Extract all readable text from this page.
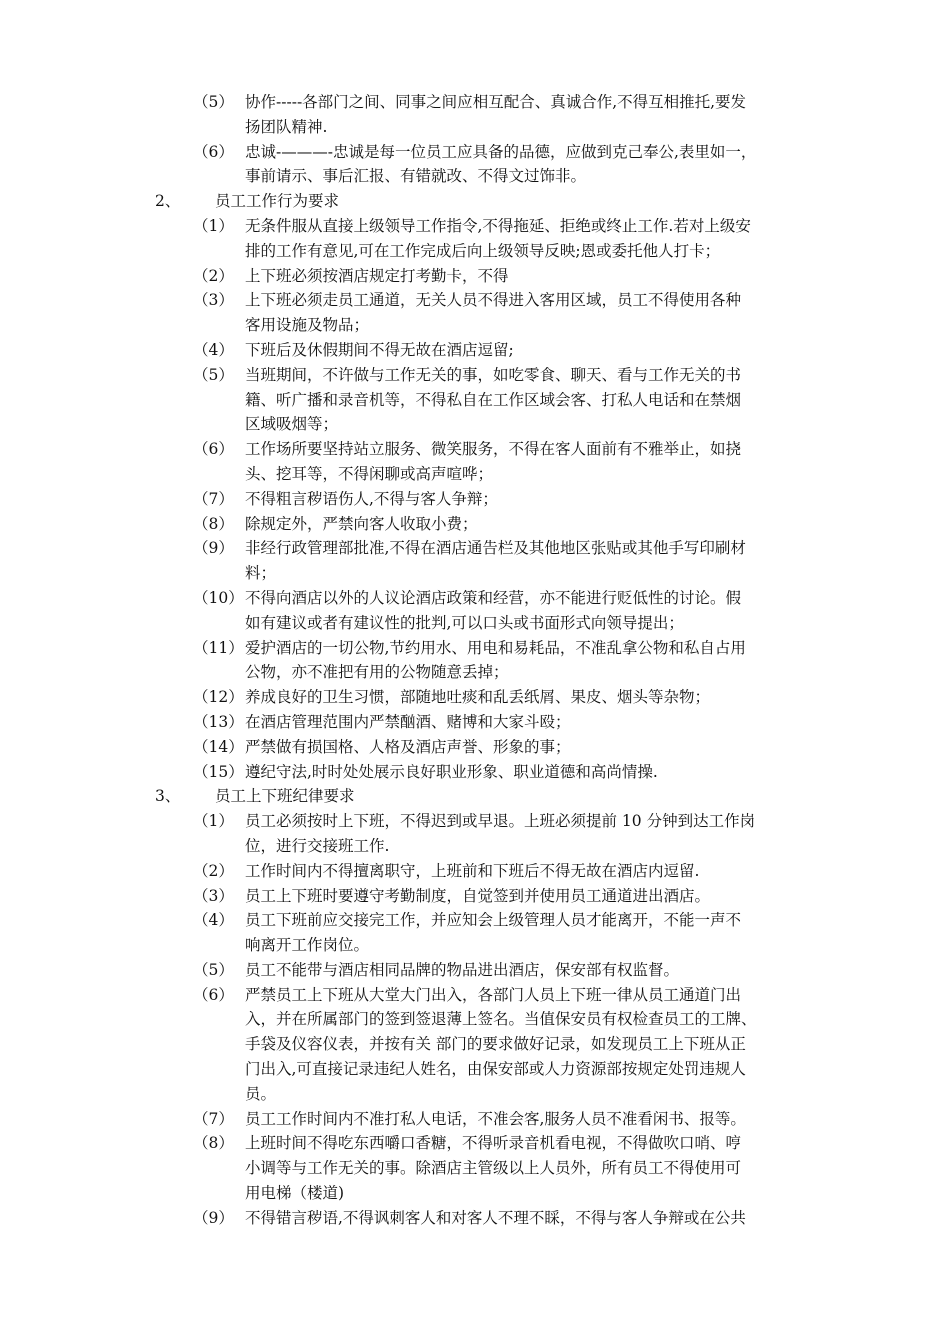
（5） 协作-----各部门之间、同事之间应相互配合、真诚合作,不得互相推托,要发
扬团队精神.
（6） 忠诚-———-忠诚是每一位员工应具备的品德，应做到克己奉公,表里如一，
事前请示、事后汇报、有错就改、不得文过饰非。
2、 员工工作行为要求
（1） 无条件服从直接上级领导工作指令,不得拖延、拒绝或终止工作.若对上级安
排的工作有意见,可在工作完成后向上级领导反映;恩或委托他人打卡；
（2） 上下班必须按酒店规定打考勤卡，不得
（3） 上下班必须走员工通道，无关人员不得进入客用区域，员工不得使用各种
客用设施及物品；
（4） 下班后及休假期间不得无故在酒店逗留;
（5） 当班期间，不许做与工作无关的事，如吃零食、聊天、看与工作无关的书
籍、听广播和录音机等，不得私自在工作区域会客、打私人电话和在禁烟
区域吸烟等；
（6） 工作场所要坚持站立服务、微笑服务，不得在客人面前有不雅举止，如挠
头、挖耳等，不得闲聊或高声喧哗；
（7） 不得粗言秽语伤人,不得与客人争辩；
（8） 除规定外，严禁向客人收取小费；
（9） 非经行政管理部批准,不得在酒店通告栏及其他地区张贴或其他手写印刷材
料；
（10） 不得向酒店以外的人议论酒店政策和经营，亦不能进行贬低性的讨论。假
如有建议或者有建议性的批判,可以口头或书面形式向领导提出；
（11） 爱护酒店的一切公物,节约用水、用电和易耗品，不准乱拿公物和私自占用
公物，亦不准把有用的公物随意丢掉；
（12） 养成良好的卫生习惯，部随地吐痰和乱丢纸屑、果皮、烟头等杂物；
（13） 在酒店管理范围内严禁酗酒、赌博和大家斗殴；
（14） 严禁做有损国格、人格及酒店声誉、形象的事；
（15） 遵纪守法,时时处处展示良好职业形象、职业道德和高尚情操.
3、 员工上下班纪律要求
（1） 员工必须按时上下班，不得迟到或早退。上班必须提前 10 分钟到达工作岗
位，进行交接班工作.
（2） 工作时间内不得擅离职守，上班前和下班后不得无故在酒店内逗留.
（3） 员工上下班时要遵守考勤制度，自觉签到并使用员工通道进出酒店。
（4） 员工下班前应交接完工作，并应知会上级管理人员才能离开，不能一声不
响离开工作岗位。
（5） 员工不能带与酒店相同品牌的物品进出酒店，保安部有权监督。
（6） 严禁员工上下班从大堂大门出入，各部门人员上下班一律从员工通道门出
入，并在所属部门的签到签退薄上签名。当值保安员有权检查员工的工牌、
手袋及仪容仪表，并按有关 部门的要求做好记录，如发现员工上下班从正
门出入,可直接记录违纪人姓名，由保安部或人力资源部按规定处罚违规人
员。
（7） 员工工作时间内不准打私人电话，不准会客,服务人员不准看闲书、报等。
（8） 上班时间不得吃东西嚼口香糖，不得听录音机看电视，不得做吹口哨、哼
小调等与工作无关的事。除酒店主管级以上人员外，所有员工不得使用可
用电梯（楼道)
（9） 不得错言秽语,不得讽刺客人和对客人不理不睬，不得与客人争辩或在公共
